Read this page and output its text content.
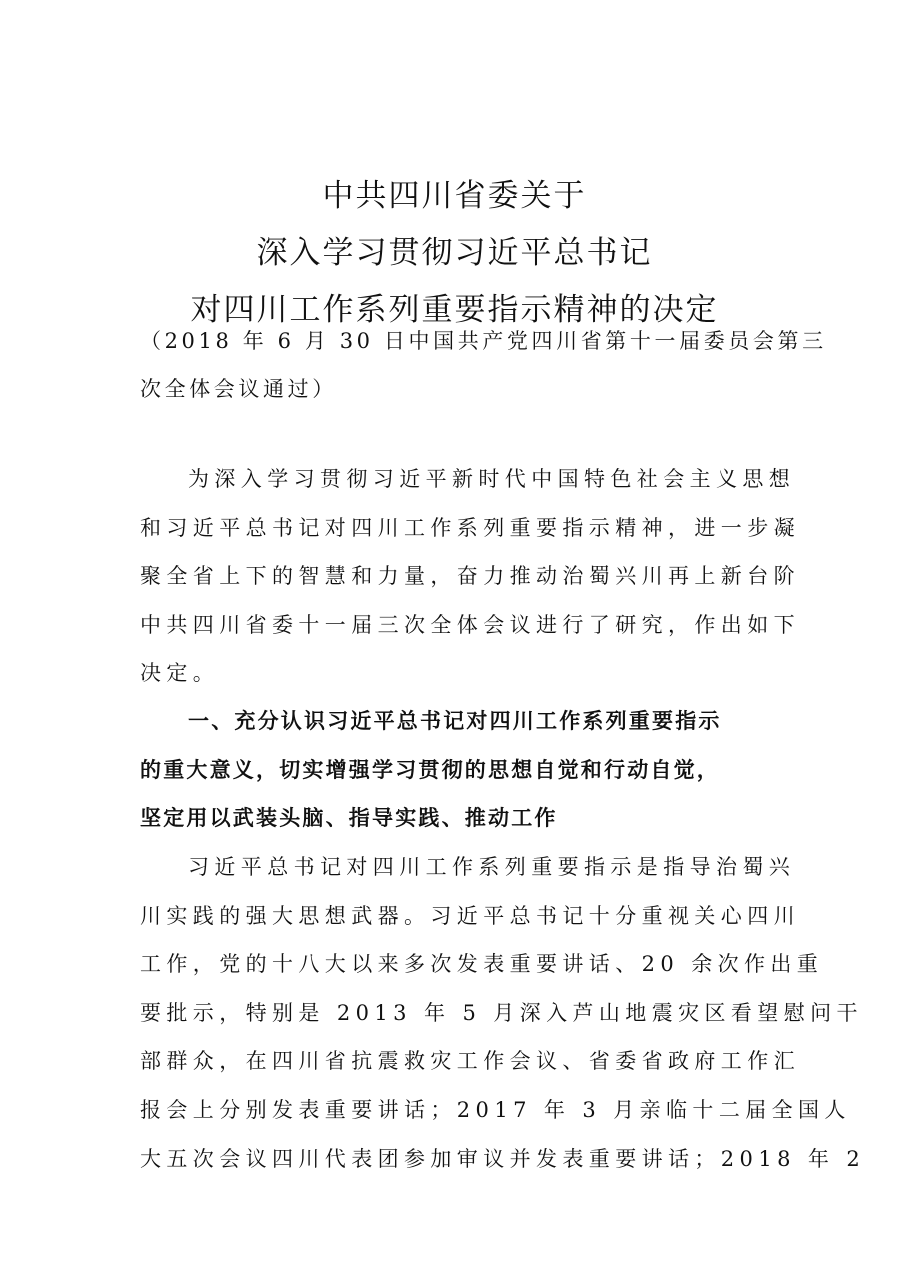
中共四川省委关于
深入学习贯彻习近平总书记
对四川工作系列重要指示精神的决定
（2018 年 6 月 30 日中国共产党四川省第十一届委员会第三
次全体会议通过）
为深入学习贯彻习近平新时代中国特色社会主义思想
和习近平总书记对四川工作系列重要指示精神，进一步凝
聚全省上下的智慧和力量，奋力推动治蜀兴川再上新台阶
中共四川省委十一届三次全体会议进行了研究，作出如下
决定。
一、充分认识习近平总书记对四川工作系列重要指示
的重大意义，切实增强学习贯彻的思想自觉和行动自觉，
坚定用以武装头脑、指导实践、推动工作
习近平总书记对四川工作系列重要指示是指导治蜀兴
川实践的强大思想武器。习近平总书记十分重视关心四川
工作，党的十八大以来多次发表重要讲话、20 余次作出重
要批示，特别是 2013 年 5 月深入芦山地震灾区看望慰问干
部群众，在四川省抗震救灾工作会议、省委省政府工作汇
报会上分别发表重要讲话；2017 年 3 月亲临十二届全国人
大五次会议四川代表团参加审议并发表重要讲话；2018 年 2
